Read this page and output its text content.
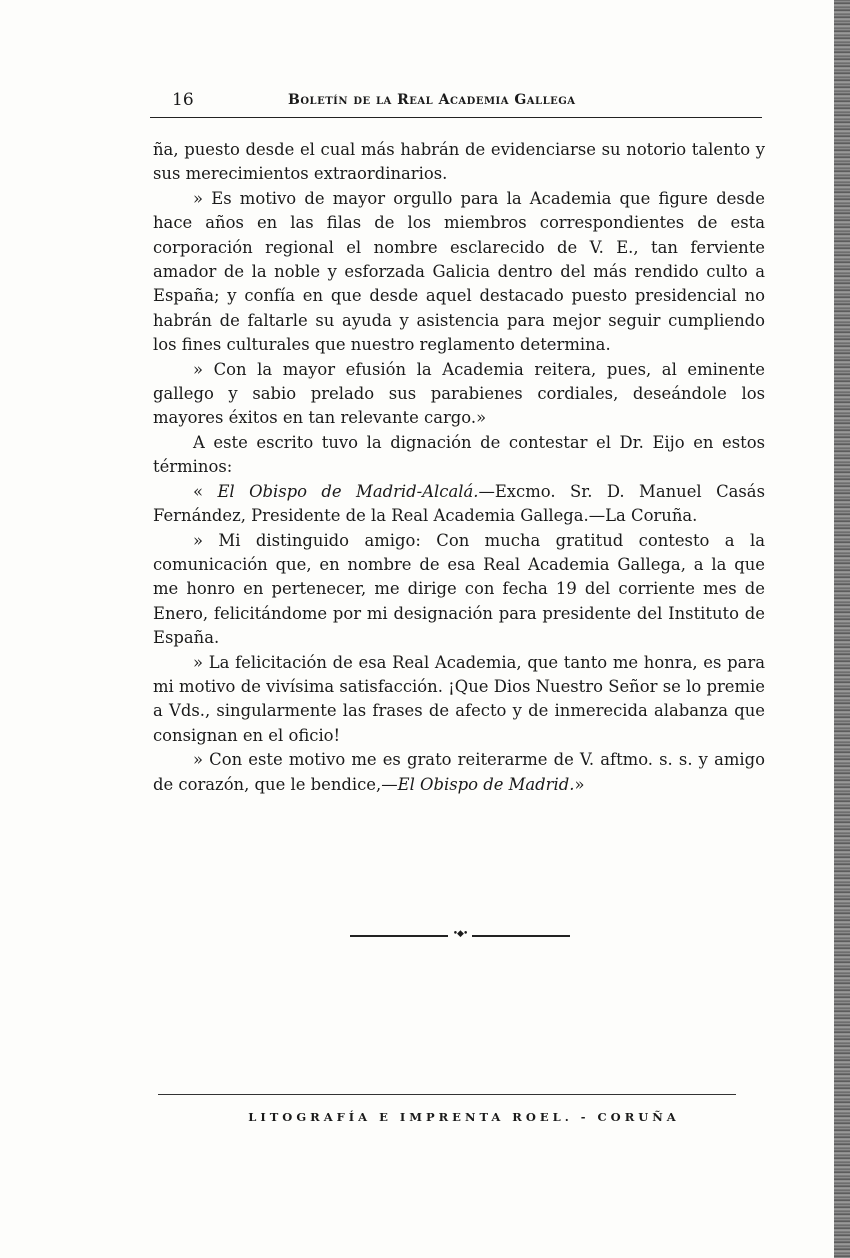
16	Boletín de la Real Academia Gallega

ña, puesto desde el cual más habrán de evidenciarse su notorio talento y sus merecimientos extraordinarios.

» Es motivo de mayor orgullo para la Academia que figure desde hace años en las filas de los miembros correspondientes de esta corporación regional el nombre esclarecido de V. E., tan ferviente amador de la noble y esforzada Galicia dentro del más rendido culto a España; y confía en que desde aquel destacado puesto presidencial no habrán de faltarle su ayuda y asistencia para mejor seguir cumpliendo los fines culturales que nuestro reglamento determina.

» Con la mayor efusión la Academia reitera, pues, al eminente gallego y sabio prelado sus parabienes cordiales, deseándole los mayores éxitos en tan relevante cargo.»

A este escrito tuvo la dignación de contestar el Dr. Eijo en estos términos:

« El Obispo de Madrid-Alcalá.—Excmo. Sr. D. Manuel Casás Fernández, Presidente de la Real Academia Gallega.—La Coruña.

» Mi distinguido amigo: Con mucha gratitud contesto a la comunicación que, en nombre de esa Real Academia Gallega, a la que me honro en pertenecer, me dirige con fecha 19 del corriente mes de Enero, felicitándome por mi designación para presidente del Instituto de España.

» La felicitación de esa Real Academia, que tanto me honra, es para mi motivo de vivísima satisfacción. ¡Que Dios Nuestro Señor se lo premie a Vds., singularmente las frases de afecto y de inmerecida alabanza que consignan en el oficio!

» Con este motivo me es grato reiterarme de V. aftmo. s. s. y amigo de corazón, que le bendice,—El Obispo de Madrid.»

•◆•
LITOGRAFÍA E IMPRENTA ROEL. - CORUÑA
